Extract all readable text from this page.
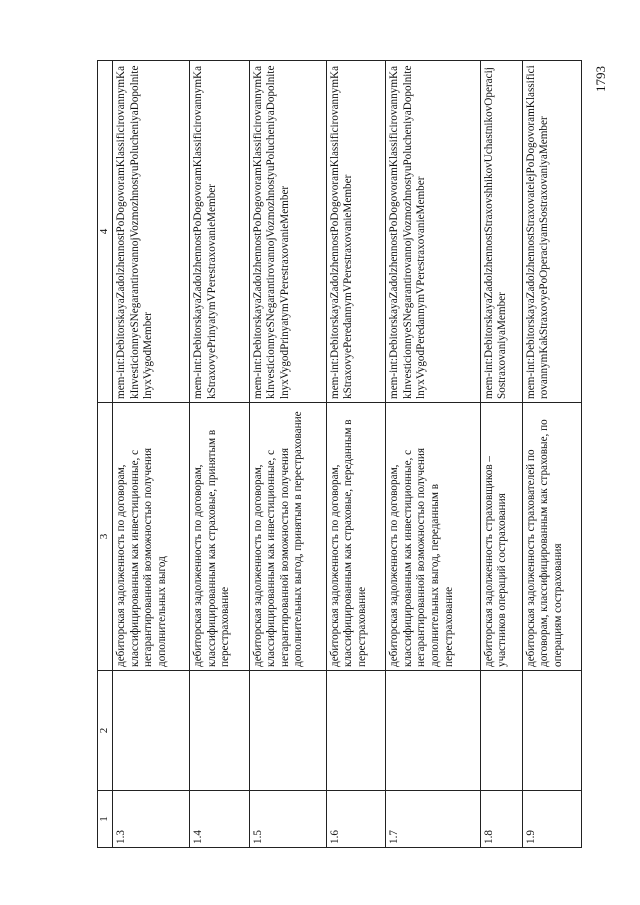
1793
1	2	3	4
1.3		дебиторская задолженность по договорам, классифицированным как инвестиционные, с негарантированной возможностью получения дополнительных выгод	mem-int:DebitorskayaZadolzhennostPoDogovoramKlassificirovannymKakInvesticionnyeSNegarantirovannojVozmozhnostyuPolucheniyaDopolnitelnyxVygodMember
1.4		дебиторская задолженность по договорам, классифицированным как страховые, принятым в перестрахование	mem-int:DebitorskayaZadolzhennostPoDogovoramKlassificirovannymKakStraxovyePrinyatymVPerestraxovanieMember
1.5		дебиторская задолженность по договорам, классифицированным как инвестиционные, с негарантированной возможностью получения дополнительных выгод, принятым в перестрахование	mem-int:DebitorskayaZadolzhennostPoDogovoramKlassificirovannymKakInvesticionnyeSNegarantirovannojVozmozhnostyuPolucheniyaDopolnitelnyxVygodPrinyatymVPerestraxovanieMember
1.6		дебиторская задолженность по договорам, классифицированным как страховые, переданным в перестрахование	mem-int:DebitorskayaZadolzhennostPoDogovoramKlassificirovannymKakStraxovyePeredannymVPerestraxovanieMember
1.7		дебиторская задолженность по договорам, классифицированным как инвестиционные, с негарантированной возможностью получения дополнительных выгод, переданным в перестрахование	mem-int:DebitorskayaZadolzhennostPoDogovoramKlassificirovannymKakInvesticionnyeSNegarantirovannojVozmozhnostyuPolucheniyaDopolnitelnyxVygodPeredannymVPerestraxovanieMember
1.8		дебиторская задолженность страховщиков – участников операций сострахования	mem-int:DebitorskayaZadolzhennostStraxovshhikovUchastnikovOperacijSostraxovaniyaMember
1.9		дебиторская задолженность страхователей по договорам, классифицированным как страховые, по операциям сострахования	mem-int:DebitorskayaZadolzhennostStraxovatelejPoDogovoramKlassificirovannymKakStraxovyePoOperaciyamSostraxovaniyaMember
